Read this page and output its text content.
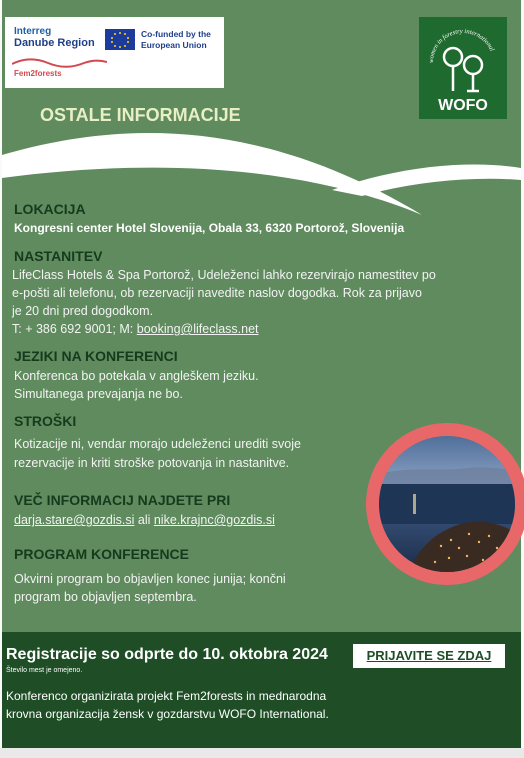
Interreg
Danube Region
Co-funded by the European Union
Fem2forests
women in forestry international
WOFO
OSTALE INFORMACIJE
LOKACIJA
Kongresni center Hotel Slovenija, Obala 33, 6320 Portorož, Slovenija
NASTANITEV
LifeClass Hotels & Spa Portorož, Udeleženci lahko rezervirajo namestitev po
e-pošti ali telefonu, ob rezervaciji navedite naslov dogodka. Rok za prijavo
je 20 dni pred dogodkom.
T: + 386 692 9001; M: booking@lifeclass.net
JEZIKI NA KONFERENCI
Konferenca bo potekala v angleškem jeziku.
Simultanega prevajanja ne bo.
STROŠKI
Kotizacije ni, vendar morajo udeleženci urediti svoje
rezervacije in kriti stroške potovanja in nastanitve.
VEČ INFORMACIJ NAJDETE PRI
darja.stare@gozdis.si ali nike.krajnc@gozdis.si
PROGRAM KONFERENCE
Okvirni program bo objavljen konec junija; končni
program bo objavljen septembra.
Registracije so odprte do 10. oktobra 2024
Število mest je omejeno.
PRIJAVITE SE ZDAJ
Konferenco organizirata projekt Fem2forests in mednarodna
krovna organizacija žensk v gozdarstvu WOFO International.
